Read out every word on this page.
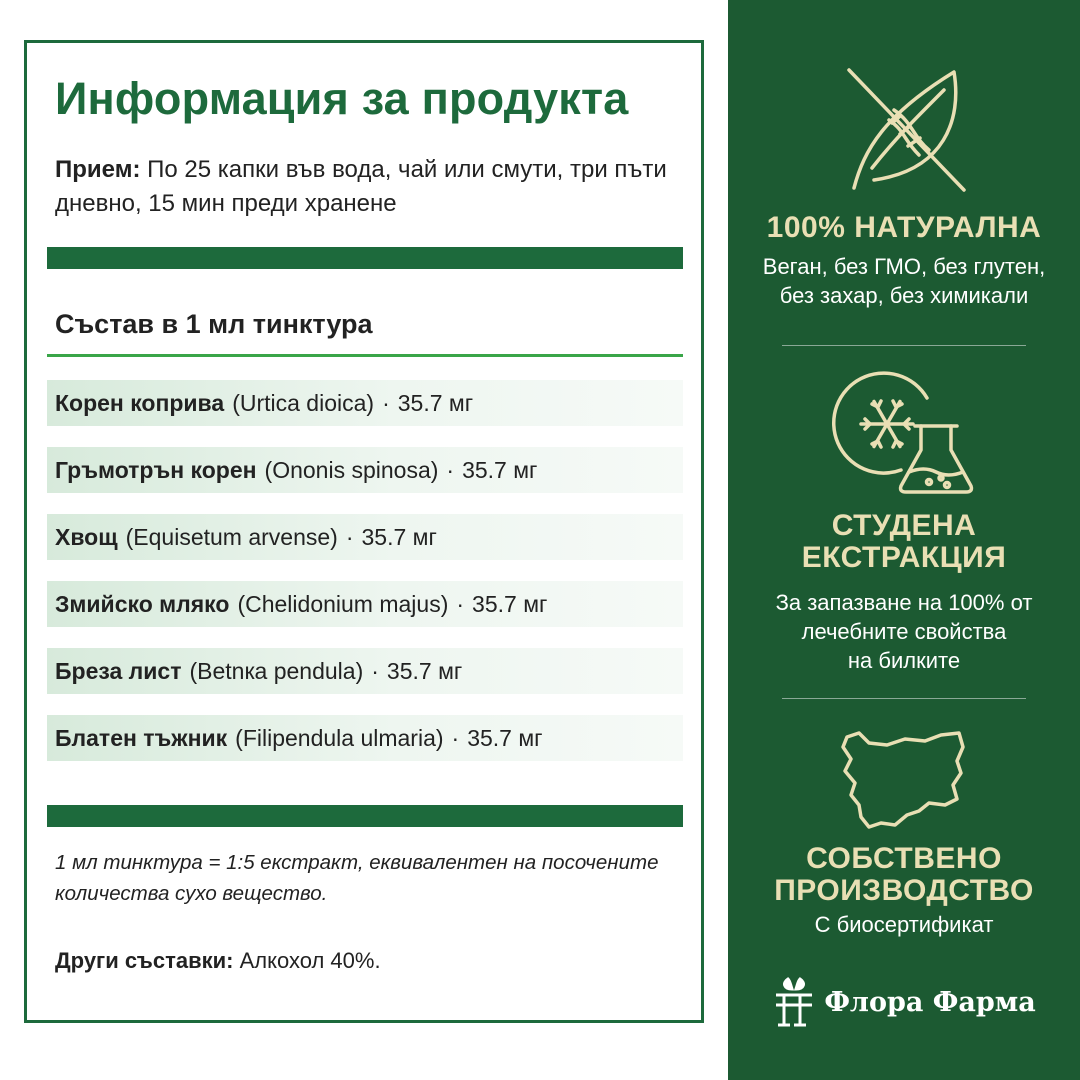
Информация за продукта
Прием: По 25 капки във вода, чай или смути, три пъти дневно, 15 мин преди хранене
Състав в 1 мл тинктура
Корен коприва (Urtica dioica) · 35.7 мг
Гръмотрън корен (Ononis spinosa) · 35.7 мг
Хвощ (Equisetum arvense) · 35.7 мг
Змийско мляко (Chelidonium majus) · 35.7 мг
Бреза лист (Betnкa pendula) · 35.7 мг
Блатен тъжник (Filipendula ulmaria) · 35.7 мг
1 мл тинктура = 1:5 екстракт, еквивалентен на посочените количества сухо вещество.
Други съставки: Алкохол 40%.
100% НАТУРАЛНА
Веган, без ГМО, без глутен,
без захар, без химикали
СТУДЕНА
ЕКСТРАКЦИЯ
За запазване на 100% от
лечебните свойства
на билките
СОБСТВЕНО
ПРОИЗВОДСТВО
С биосертификат
Флора Фарма
